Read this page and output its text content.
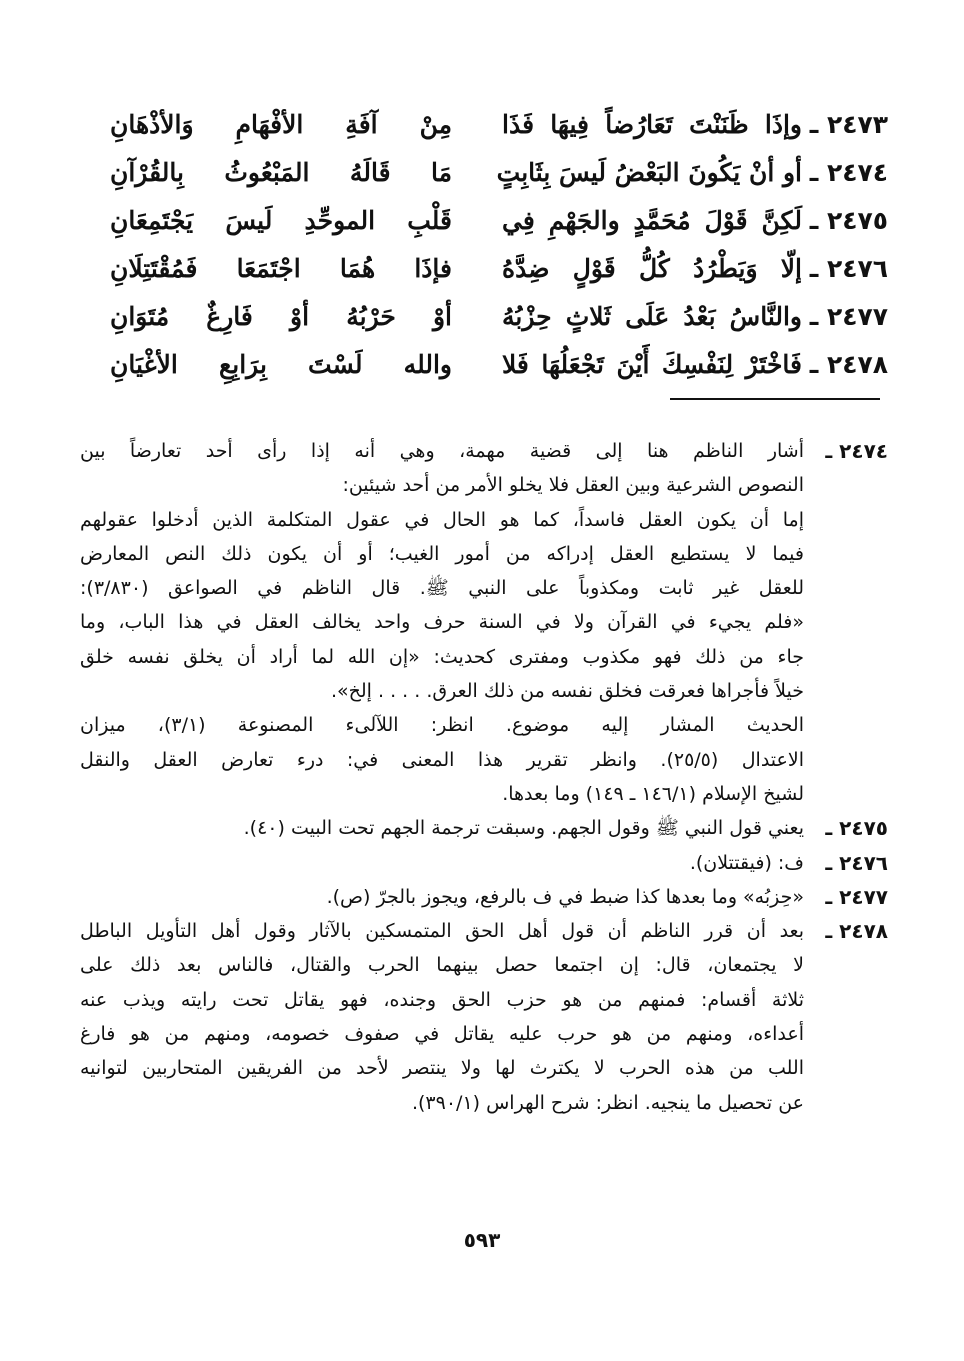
٢٤٧٣ ـ
وإذَا ظَنَنْتَ تَعَارُضاً فِيهَا فَذَا
مِنْ آفَةِ الأفْهَامِ وَالأذْهَانِ
٢٤٧٤ ـ
أو أنْ يَكُونَ البَعْضُ لَيسَ بِثَابِتٍ
مَا قَالَهُ المَبْعُوثُ بِالقُرْآنِ
٢٤٧٥ ـ
لَكِنَّ قَوْلَ مُحَمَّدٍ والجَهْمِ فِي
قَلْبِ الموحِّدِ لَيسَ يَجْتَمِعَانِ
٢٤٧٦ ـ
إلّا وَيَطْرُدُ كُلُّ قَوْلٍ ضِدَّهُ
فإذَا هُمَا اجْتَمَعَا فَمُقْتَتِلَانِ
٢٤٧٧ ـ
والنَّاسُ بَعْدُ عَلَى ثَلاثٍ حِزْبُهُ
أوْ حَرْبُهُ أوْ فَارِغٌ مُتَوَانِ
٢٤٧٨ ـ
فَاخْتَرْ لِنَفْسِكَ أَيْنَ تَجْعَلُهَا فَلا
والله لَسْتَ بِرَابِعِ الأغْيَانِ
٢٤٧٤ ـ
أشار الناظم هنا إلى قضية مهمة، وهي أنه إذا رأى أحد تعارضاً بين
النصوص الشرعية وبين العقل فلا يخلو الأمر من أحد شيئين:
إما أن يكون العقل فاسداً، كما هو الحال في عقول المتكلمة الذين أدخلوا عقولهم
فيما لا يستطيع العقل إدراكه من أمور الغيب؛ أو أن يكون ذلك النص المعارض
للعقل غير ثابت ومكذوباً على النبي ﷺ. قال الناظم في الصواعق (٣/٨٣٠):
«فلم يجيء في القرآن ولا في السنة حرف واحد يخالف العقل في هذا الباب، وما
جاء من ذلك فهو مكذوب ومفترى كحديث: «إن الله لما أراد أن يخلق نفسه خلق
خيلاً فأجراها فعرقت فخلق نفسه من ذلك العرق. . . . . إلخ».
الحديث المشار إليه موضوع. انظر: اللآلىء المصنوعة (٣/١)، ميزان
الاعتدال (٢٥/٥). وانظر تقرير هذا المعنى في: درء تعارض العقل والنقل
لشيخ الإسلام (١٤٦/١ ـ ١٤٩) وما بعدها.
٢٤٧٥ ـ
يعني قول النبي ﷺ وقول الجهم. وسبقت ترجمة الجهم تحت البيت (٤٠).
٢٤٧٦ ـ
ف: (فيقتتلان).
٢٤٧٧ ـ
«حِزبُه» وما بعدها كذا ضبط في ف بالرفع، ويجوز بالجرّ (ص).
٢٤٧٨ ـ
بعد أن قرر الناظم أن قول أهل الحق المتمسكين بالآثار وقول أهل التأويل الباطل
لا يجتمعان، قال: إن اجتمعا حصل بينهما الحرب والقتال، فالناس بعد ذلك على
ثلاثة أقسام: فمنهم من هو حزب الحق وجنده، فهو يقاتل تحت رايته ويذب عنه
أعداءه، ومنهم من هو حرب عليه يقاتل في صفوف خصومه، ومنهم من هو فارغ
اللب من هذه الحرب لا يكترث لها ولا ينتصر لأحد من الفريقين المتحاربين لتوانيه
عن تحصيل ما ينجيه. انظر: شرح الهراس (٣٩٠/١).
٥٩٣
